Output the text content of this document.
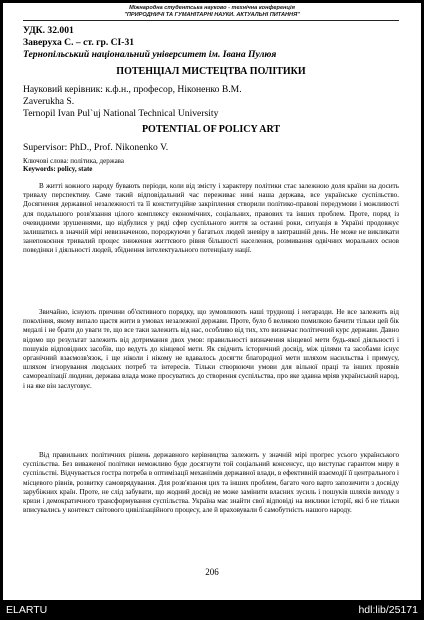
Міжнародна студентська науково - технічна конференція
"ПРИРОДНИЧІ ТА ГУМАНІТАРНІ НАУКИ. АКТУАЛЬНІ ПИТАННЯ"
УДК. 32.001
Заверуха С. – ст. гр. СІ-31
Тернопільський національний університет ім. Івана Пулюя
ПОТЕНЦІАЛ МИСТЕЦТВА ПОЛІТИКИ
Науковий керівник: к.ф.н., професор, Ніконенко В.М.
Zaverukha S.
Ternopil Ivan Pul`uj National Technical University
POTENTIAL OF POLICY ART
Supervisor: PhD., Prof. Nikonenko V.
Ключові слова: політика, держава
Keywords: policy, state

В житті кожного народу бувають періоди, коли від змісту і характеру політики стає залежною доля країни на досить тривалу перспективу. Саме такий відповідальний час переживає нині наша держава, все українське суспільство. Досягнення державної незалежності та її конституційне закріплення створили політико-правові передумови і можливості для подальшого розв'язання цілого комплексу економічних, соціальних, правових та інших проблем. Проте, поряд із очевидними зрушеннями, що відбулися у ряді сфер суспільного життя за останні роки, ситуація в Україні продовжує залишатись в значній мірі невизначеною, породжуючи у багатьох людей зневіру в завтрашній день. Не може не викликати занепокоєння тривалий процес зниження життєвого рівня більшості населення, розмивання одвічних моральних основ поведінки і діяльності людей, збіднення інтелектуального потенціалу нації.

Звичайно, існують причини об'єктивного порядку, що зумовлюють наші труднощі і негаразди. Не все залежить від покоління, якому випало щастя жити в умовах незалежної держави. Проте, було б великою помилкою бачити тільки цей бік медалі і не брати до уваги те, що все таки залежить від нас, особливо від тих, хто визначає політичний курс держави. Давно відомо що результат залежить від дотримання двох умов: правильності визначення кінцевої мети будь-якої діяльності і пошуків відповідних засобів, що ведуть до кінцевої мети. Як свідчить історичний досвід, між цілями та засобами існує органічний взаємозв'язок, і ще ніколи і нікому не вдавалось досягти благородної мети шляхом насильства і примусу, шляхом ігнорування людських потреб та інтересів. Тільки створюючи умови для вільної праці та інших проявів самореалізації людини, держава влада може просуватись до створення суспільства, про яке здавна мріяв український народ, і на яке він заслуговує.

Від правильних політичних рішень державного керівництва залежить у значній мірі прогрес усього українського суспільства. Без виваженої політики неможливо буде досягнути той соціальний консенсус, що виступає гарантом миру в суспільстві. Відчувається гостра потреба в оптимізації механізмів державної влади, в ефективній взаємодії її центрального і місцевого рівнів, розвитку самоврядування. Для розв'язання цих та інших проблем, багато чого варто запозичити з досвіду зарубіжних країн. Проте, не слід забувати, що жодний досвід не може замінити власних зусиль і пошуків шляхів виходу з кризи і демократичного трансформування суспільства. Україна має знайти свої відповіді на виклики історії, які б не тільки вписувались у контекст світового цивілізаційного процесу, але й враховували б самобутність нашого народу.

206
ELARTU	hdl:lib/25171
